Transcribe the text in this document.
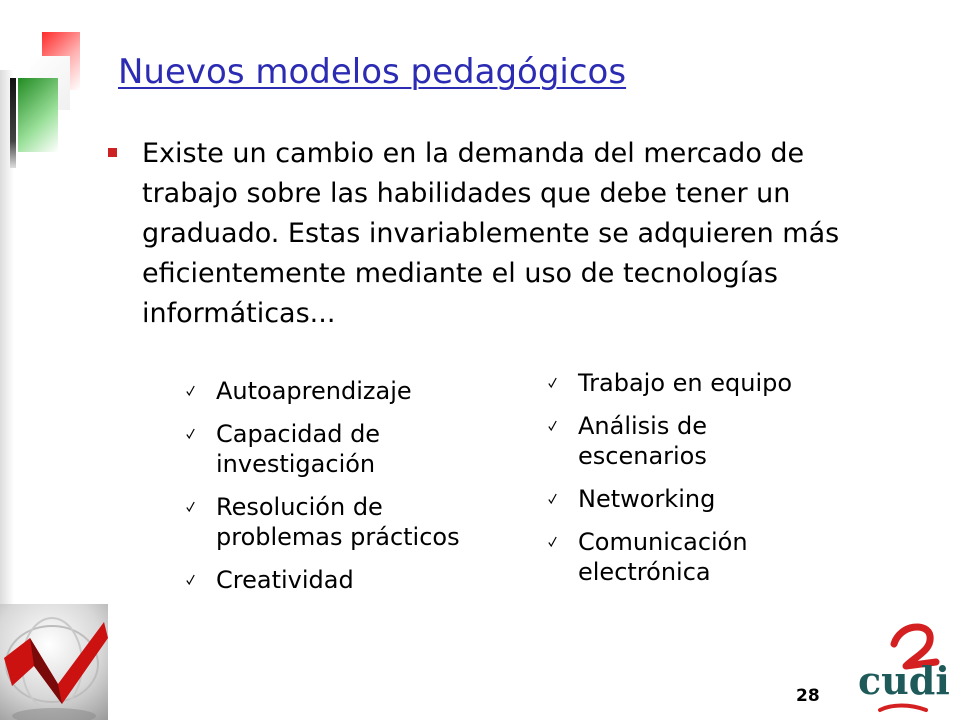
Nuevos modelos pedagógicos

Existe un cambio en la demanda del mercado de trabajo sobre las habilidades que debe tener un graduado. Estas invariablemente se adquieren más eficientemente mediante el uso de tecnologías informáticas...

Autoaprendizaje
Capacidad de investigación
Resolución de problemas prácticos
Creatividad
Trabajo en equipo
Análisis de escenarios
Networking
Comunicación electrónica

28 cudi
